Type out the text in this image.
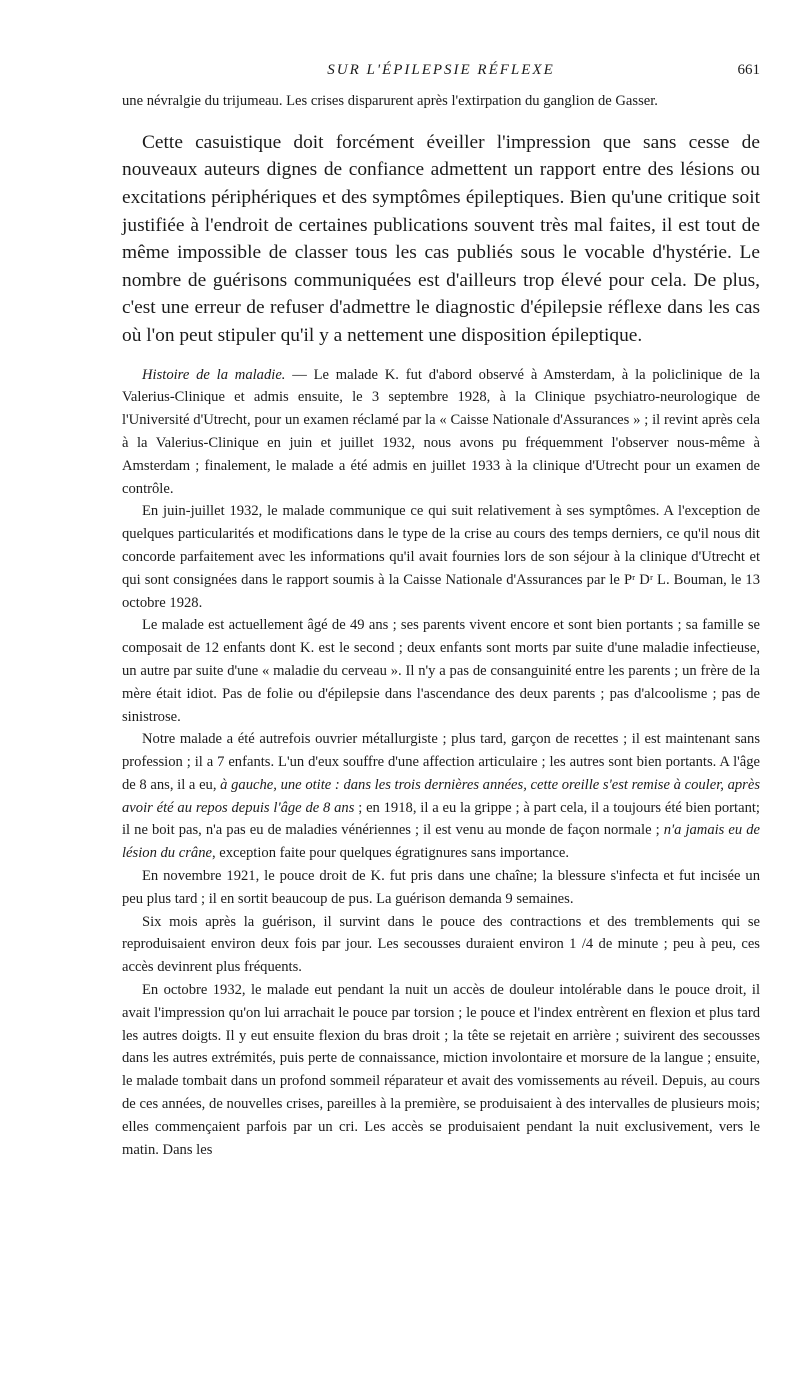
SUR L'ÉPILEPSIE RÉFLEXE	661

une névralgie du trijumeau. Les crises disparurent après l'extirpation du ganglion de Gasser.

Cette casuistique doit forcément éveiller l'impression que sans cesse de nouveaux auteurs dignes de confiance admettent un rapport entre des lésions ou excitations périphériques et des symptômes épileptiques. Bien qu'une critique soit justifiée à l'endroit de certaines publications souvent très mal faites, il est tout de même impossible de classer tous les cas publiés sous le vocable d'hystérie. Le nombre de guérisons communiquées est d'ailleurs trop élevé pour cela. De plus, c'est une erreur de refuser d'admettre le diagnostic d'épilepsie réflexe dans les cas où l'on peut stipuler qu'il y a nettement une disposition épileptique.

Histoire de la maladie. — Le malade K. fut d'abord observé à Amsterdam, à la policlinique de la Valerius-Clinique et admis ensuite, le 3 septembre 1928, à la Clinique psychiatro-neurologique de l'Université d'Utrecht, pour un examen réclamé par la « Caisse Nationale d'Assurances » ; il revint après cela à la Valerius-Clinique en juin et juillet 1932, nous avons pu fréquemment l'observer nous-même à Amsterdam ; finalement, le malade a été admis en juillet 1933 à la clinique d'Utrecht pour un examen de contrôle.

En juin-juillet 1932, le malade communique ce qui suit relativement à ses symptômes. A l'exception de quelques particularités et modifications dans le type de la crise au cours des temps derniers, ce qu'il nous dit concorde parfaitement avec les informations qu'il avait fournies lors de son séjour à la clinique d'Utrecht et qui sont consignées dans le rapport soumis à la Caisse Nationale d'Assurances par le Pʳ Dʳ L. Bouman, le 13 octobre 1928.

Le malade est actuellement âgé de 49 ans ; ses parents vivent encore et sont bien portants ; sa famille se composait de 12 enfants dont K. est le second ; deux enfants sont morts par suite d'une maladie infectieuse, un autre par suite d'une « maladie du cerveau ». Il n'y a pas de consanguinité entre les parents ; un frère de la mère était idiot. Pas de folie ou d'épilepsie dans l'ascendance des deux parents ; pas d'alcoolisme ; pas de sinistrose.

Notre malade a été autrefois ouvrier métallurgiste ; plus tard, garçon de recettes ; il est maintenant sans profession ; il a 7 enfants. L'un d'eux souffre d'une affection articulaire ; les autres sont bien portants. A l'âge de 8 ans, il a eu, à gauche, une otite : dans les trois dernières années, cette oreille s'est remise à couler, après avoir été au repos depuis l'âge de 8 ans ; en 1918, il a eu la grippe ; à part cela, il a toujours été bien portant; il ne boit pas, n'a pas eu de maladies vénériennes ; il est venu au monde de façon normale ; n'a jamais eu de lésion du crâne, exception faite pour quelques égratignures sans importance.

En novembre 1921, le pouce droit de K. fut pris dans une chaîne; la blessure s'infecta et fut incisée un peu plus tard ; il en sortit beaucoup de pus. La guérison demanda 9 semaines.

Six mois après la guérison, il survint dans le pouce des contractions et des tremblements qui se reproduisaient environ deux fois par jour. Les secousses duraient environ 1 /4 de minute ; peu à peu, ces accès devinrent plus fréquents.

En octobre 1932, le malade eut pendant la nuit un accès de douleur intolérable dans le pouce droit, il avait l'impression qu'on lui arrachait le pouce par torsion ; le pouce et l'index entrèrent en flexion et plus tard les autres doigts. Il y eut ensuite flexion du bras droit ; la tête se rejetait en arrière ; suivirent des secousses dans les autres extrémités, puis perte de connaissance, miction involontaire et morsure de la langue ; ensuite, le malade tombait dans un profond sommeil réparateur et avait des vomissements au réveil. Depuis, au cours de ces années, de nouvelles crises, pareilles à la première, se produisaient à des intervalles de plusieurs mois; elles commençaient parfois par un cri. Les accès se produisaient pendant la nuit exclusivement, vers le matin. Dans les
